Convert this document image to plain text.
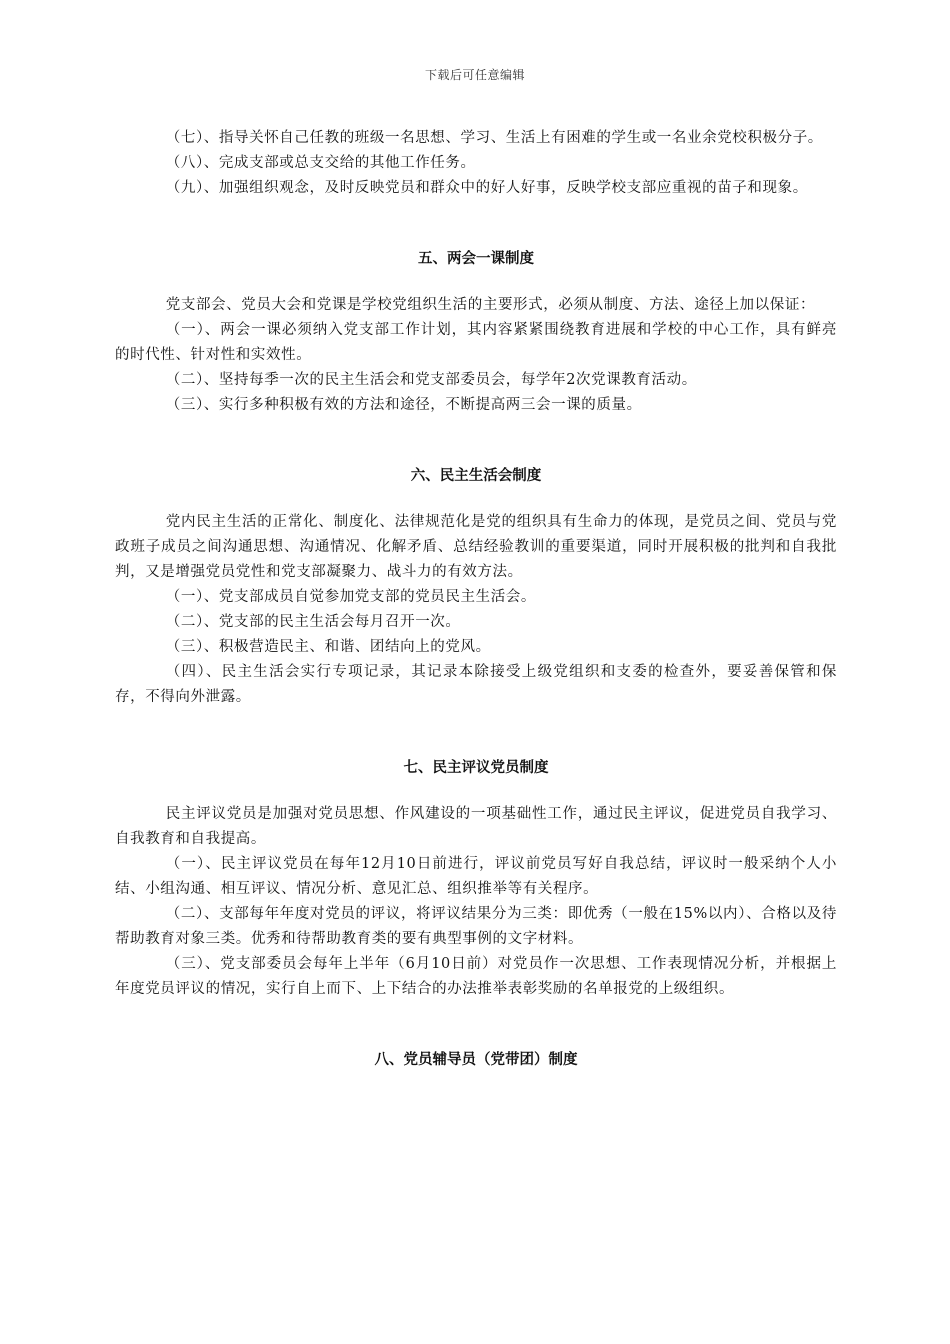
下载后可任意编辑

（七）、指导关怀自己任教的班级一名思想、学习、生活上有困难的学生或一名业余党校积极分子。

（八）、完成支部或总支交给的其他工作任务。

（九）、加强组织观念，及时反映党员和群众中的好人好事，反映学校支部应重视的苗子和现象。

五、两会一课制度

党支部会、党员大会和党课是学校党组织生活的主要形式，必须从制度、方法、途径上加以保证：

（一）、两会一课必须纳入党支部工作计划，其内容紧紧围绕教育进展和学校的中心工作，具有鲜亮的时代性、针对性和实效性。

（二）、坚持每季一次的民主生活会和党支部委员会，每学年2次党课教育活动。

（三）、实行多种积极有效的方法和途径，不断提高两三会一课的质量。

六、民主生活会制度

党内民主生活的正常化、制度化、法律规范化是党的组织具有生命力的体现，是党员之间、党员与党政班子成员之间沟通思想、沟通情况、化解矛盾、总结经验教训的重要渠道，同时开展积极的批判和自我批判，又是增强党员党性和党支部凝聚力、战斗力的有效方法。

（一）、党支部成员自觉参加党支部的党员民主生活会。

（二）、党支部的民主生活会每月召开一次。

（三）、积极营造民主、和谐、团结向上的党风。

（四）、民主生活会实行专项记录，其记录本除接受上级党组织和支委的检查外，要妥善保管和保存，不得向外泄露。

七、民主评议党员制度

民主评议党员是加强对党员思想、作风建设的一项基础性工作，通过民主评议，促进党员自我学习、自我教育和自我提高。

（一）、民主评议党员在每年12月10日前进行，评议前党员写好自我总结，评议时一般采纳个人小结、小组沟通、相互评议、情况分析、意见汇总、组织推举等有关程序。

（二）、支部每年年度对党员的评议，将评议结果分为三类：即优秀（一般在15%以内）、合格以及待帮助教育对象三类。优秀和待帮助教育类的要有典型事例的文字材料。

（三）、党支部委员会每年上半年（6月10日前）对党员作一次思想、工作表现情况分析，并根据上年度党员评议的情况，实行自上而下、上下结合的办法推举表彰奖励的名单报党的上级组织。

八、党员辅导员（党带团）制度
